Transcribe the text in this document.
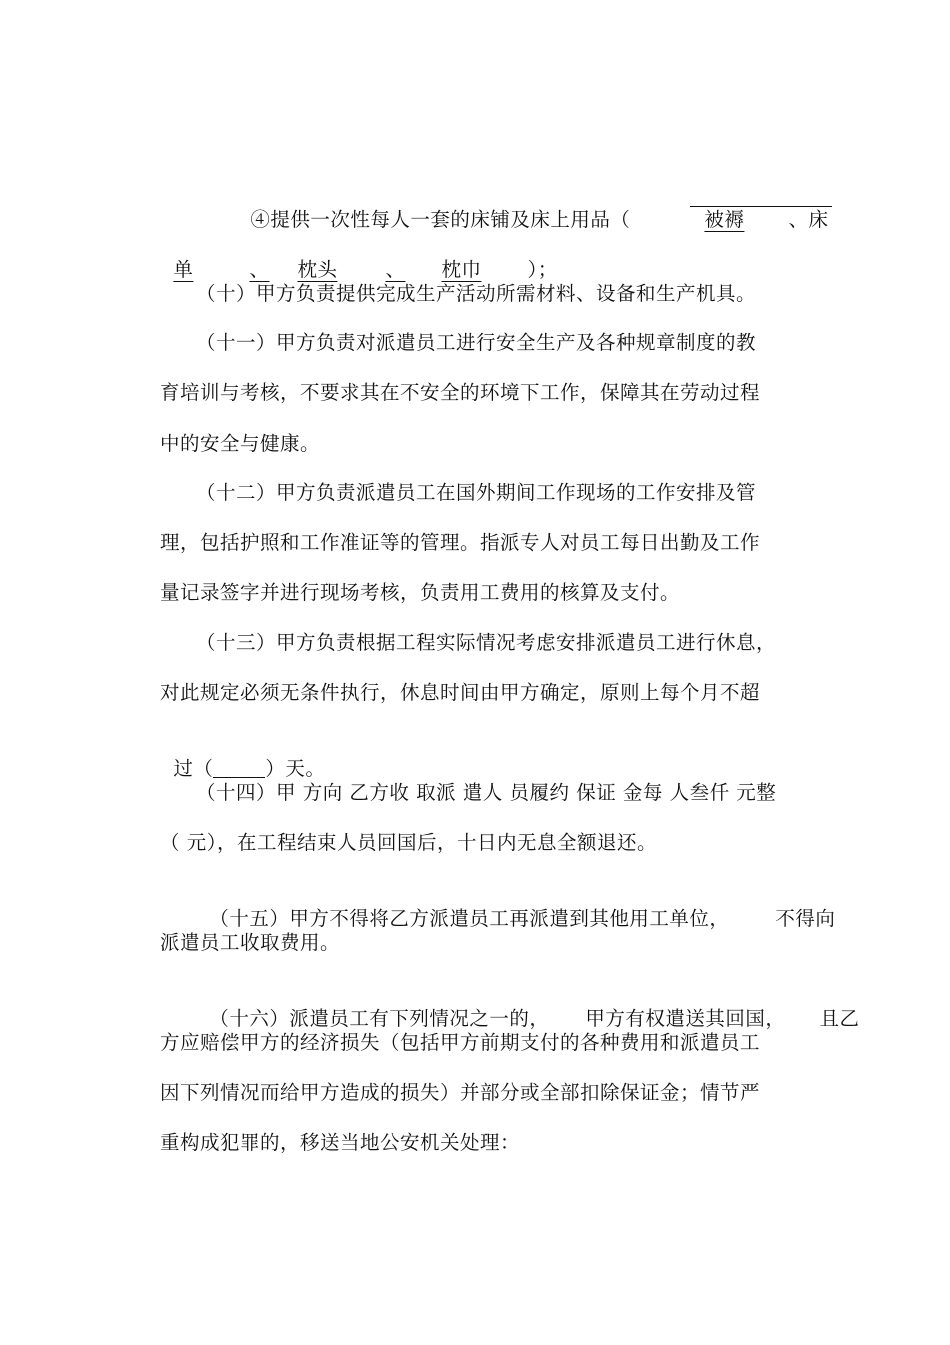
④提供一次性每人一套的床铺及床上用品（	被褥 、床

单	、 枕头 、 枕巾 ）；

（十）甲方负责提供完成生产活动所需材料、设备和生产机具。
（十一）甲方负责对派遣员工进行安全生产及各种规章制度的教
育培训与考核，不要求其在不安全的环境下工作，保障其在劳动过程
中的安全与健康。
（十二）甲方负责派遣员工在国外期间工作现场的工作安排及管
理，包括护照和工作准证等的管理。指派专人对员工每日出勤及工作
量记录签字并进行现场考核，负责用工费用的核算及支付。
（十三）甲方负责根据工程实际情况考虑安排派遣员工进行休息，
对此规定必须无条件执行，休息时间由甲方确定，原则上每个月不超

过（	）天。

（十四）甲 方向 乙方收 取派 遣人 员履约 保证 金每 人叁仟 元整
（ 元），在工程结束人员回国后，十日内无息全额退还。

（十五）甲方不得将乙方派遣员工再派遣到其他用工单位， 不得向

派遣员工收取费用。

（十六）派遣员工有下列情况之一的， 甲方有权遣送其回国， 且乙

方应赔偿甲方的经济损失（包括甲方前期支付的各种费用和派遣员工
因下列情况而给甲方造成的损失）并部分或全部扣除保证金；情节严
重构成犯罪的，移送当地公安机关处理：
